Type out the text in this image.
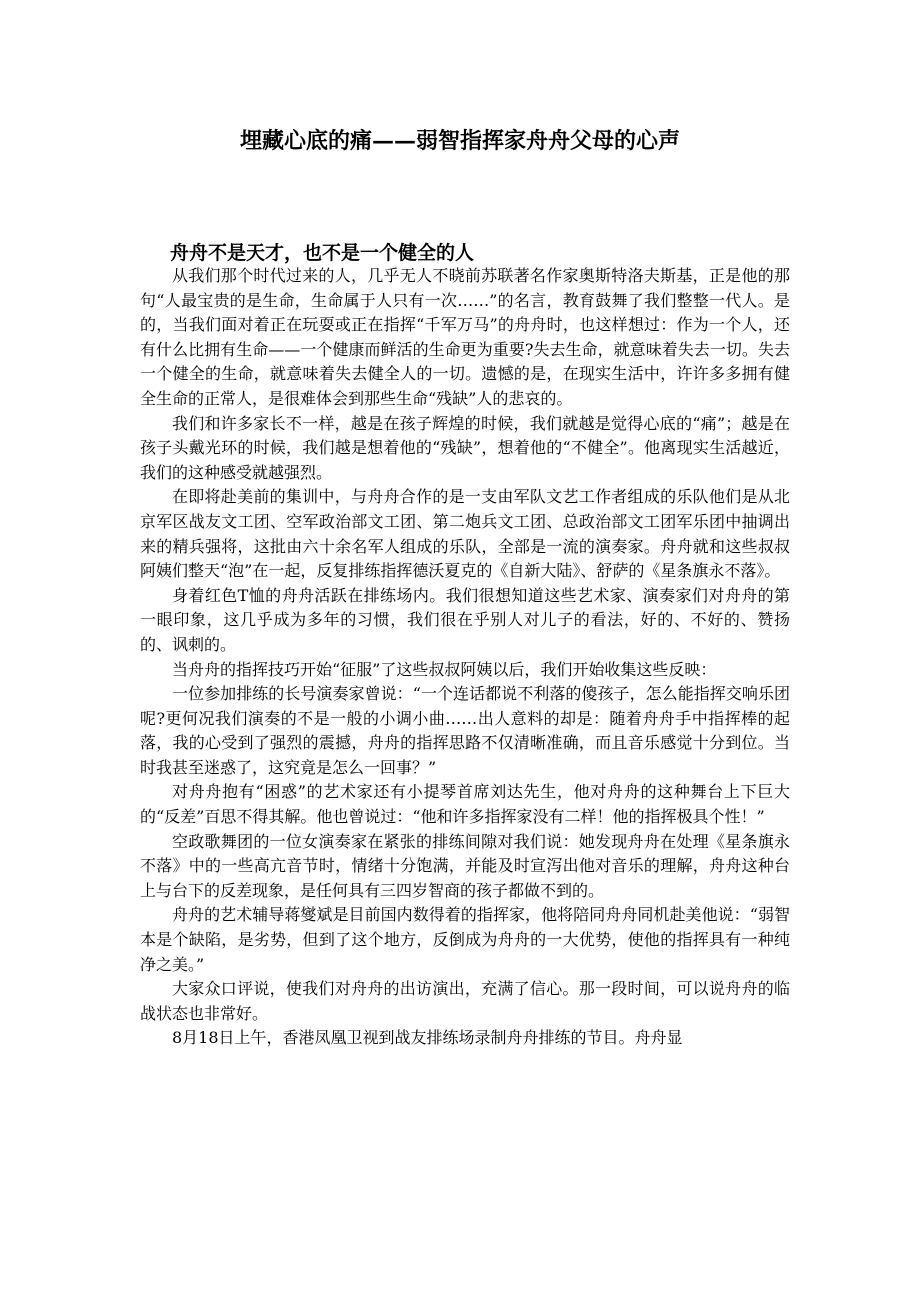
埋藏心底的痛——弱智指挥家舟舟父母的心声
舟舟不是天才，也不是一个健全的人

从我们那个时代过来的人，几乎无人不晓前苏联著名作家奥斯特洛夫斯基，正是他的那句“人最宝贵的是生命，生命属于人只有一次……”的名言，教育鼓舞了我们整整一代人。是的，当我们面对着正在玩耍或正在指挥“千军万马”的舟舟时，也这样想过：作为一个人，还有什么比拥有生命——一个健康而鲜活的生命更为重要?失去生命，就意味着失去一切。失去一个健全的生命，就意味着失去健全人的一切。遗憾的是，在现实生活中，许许多多拥有健全生命的正常人，是很难体会到那些生命“残缺”人的悲哀的。

我们和许多家长不一样，越是在孩子辉煌的时候，我们就越是觉得心底的“痛”；越是在孩子头戴光环的时候，我们越是想着他的“残缺”，想着他的“不健全”。他离现实生活越近，我们的这种感受就越强烈。

在即将赴美前的集训中，与舟舟合作的是一支由军队文艺工作者组成的乐队他们是从北京军区战友文工团、空军政治部文工团、第二炮兵文工团、总政治部文工团军乐团中抽调出来的精兵强将，这批由六十余名军人组成的乐队，全部是一流的演奏家。舟舟就和这些叔叔阿姨们整天“泡”在一起，反复排练指挥德沃夏克的《自新大陆》、舒萨的《星条旗永不落》。

身着红色T恤的舟舟活跃在排练场内。我们很想知道这些艺术家、演奏家们对舟舟的第一眼印象，这几乎成为多年的习惯，我们很在乎别人对儿子的看法，好的、不好的、赞扬的、讽刺的。

当舟舟的指挥技巧开始“征服”了这些叔叔阿姨以后，我们开始收集这些反映：

一位参加排练的长号演奏家曾说：“一个连话都说不利落的傻孩子，怎么能指挥交响乐团呢?更何况我们演奏的不是一般的小调小曲……出人意料的却是：随着舟舟手中指挥棒的起落，我的心受到了强烈的震撼，舟舟的指挥思路不仅清晰准确，而且音乐感觉十分到位。当时我甚至迷惑了，这究竟是怎么一回事？”

对舟舟抱有“困惑”的艺术家还有小提琴首席刘达先生，他对舟舟的这种舞台上下巨大的“反差”百思不得其解。他也曾说过：“他和许多指挥家没有二样！他的指挥极具个性！”

空政歌舞团的一位女演奏家在紧张的排练间隙对我们说：她发现舟舟在处理《星条旗永不落》中的一些高亢音节时，情绪十分饱满，并能及时宣泻出他对音乐的理解，舟舟这种台上与台下的反差现象，是任何具有三四岁智商的孩子都做不到的。

舟舟的艺术辅导蒋燮斌是目前国内数得着的指挥家，他将陪同舟舟同机赴美他说：“弱智本是个缺陷，是劣势，但到了这个地方，反倒成为舟舟的一大优势，使他的指挥具有一种纯净之美。”

大家众口评说，使我们对舟舟的出访演出，充满了信心。那一段时间，可以说舟舟的临战状态也非常好。

8月18日上午，香港凤凰卫视到战友排练场录制舟舟排练的节目。舟舟显
